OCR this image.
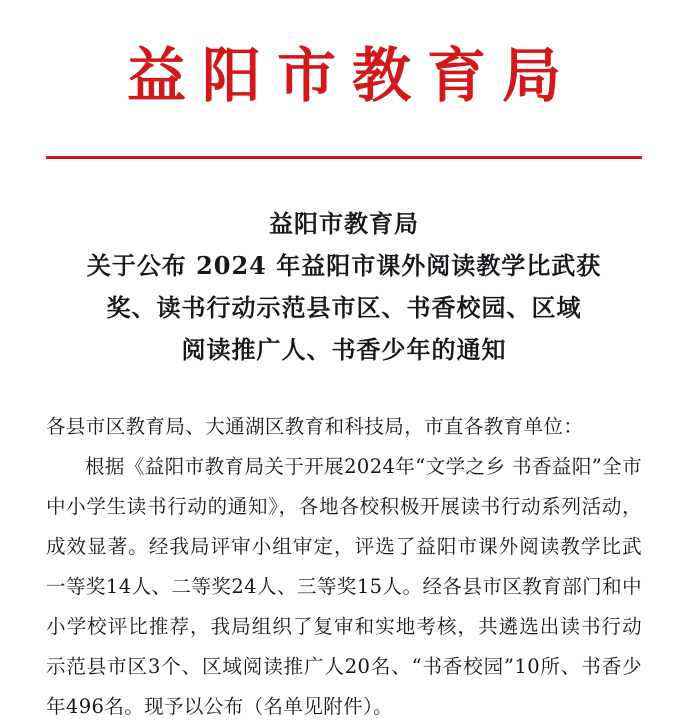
益阳市教育局
益阳市教育局
关于公布 2024 年益阳市课外阅读教学比武获
奖、读书行动示范县市区、书香校园、区域
阅读推广人、书香少年的通知

各县市区教育局、大通湖区教育和科技局，市直各教育单位：

根据《益阳市教育局关于开展2024年“文学之乡 书香益阳”全市中小学生读书行动的通知》，各地各校积极开展读书行动系列活动，成效显著。经我局评审小组审定，评选了益阳市课外阅读教学比武一等奖14人、二等奖24人、三等奖15人。经各县市区教育部门和中小学校评比推荐，我局组织了复审和实地考核，共遴选出读书行动示范县市区3个、区域阅读推广人20名、“书香校园”10所、书香少年496名。现予以公布（名单见附件）。
